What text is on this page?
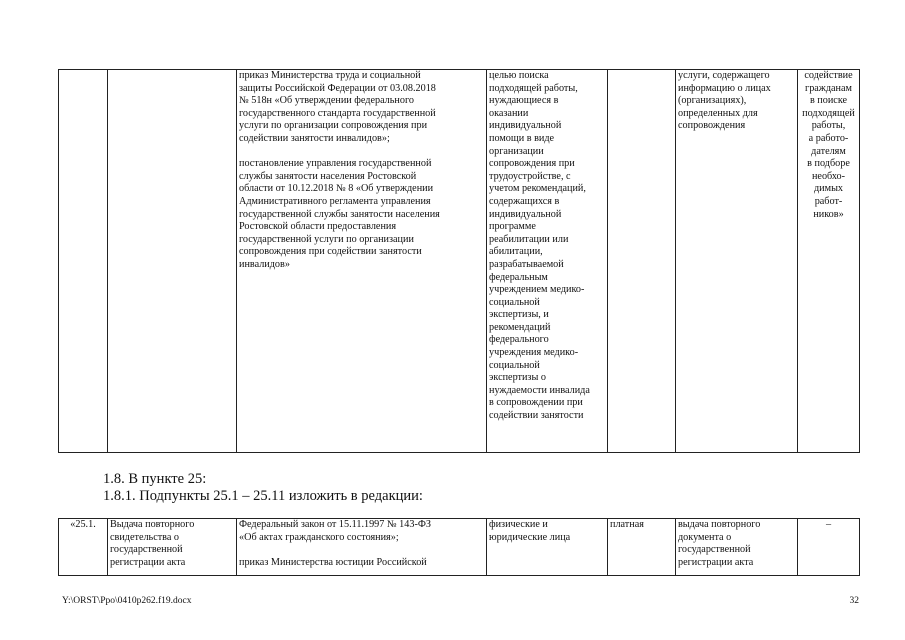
		приказ Министерства труда и социальной
защиты Российской Федерации от 03.08.2018
№ 518н «Об утверждении федерального
государственного стандарта государственной
услуги по организации сопровождения при
содействии занятости инвалидов»;

постановление управления государственной
службы занятости населения Ростовской
области от 10.12.2018 № 8 «Об утверждении
Административного регламента управления
государственной службы занятости населения
Ростовской области предоставления
государственной услуги по организации
сопровождения при содействии занятости
инвалидов»	целью поиска
подходящей работы,
нуждающиеся в
оказании
индивидуальной
помощи в виде
организации
сопровождения при
трудоустройстве, с
учетом рекомендаций,
содержащихся в
индивидуальной
программе
реабилитации или
абилитации,
разрабатываемой
федеральным
учреждением медико-
социальной
экспертизы, и
рекомендаций
федерального
учреждения медико-
социальной
экспертизы о
нуждаемости инвалида
в сопровождении при
содействии занятости		услуги, содержащего
информацию о лицах
(организациях),
определенных для
сопровождения	содействие
гражданам
в поиске
подходящей
работы,
а работо-
дателям
в подборе
необхо-
димых
работ-
ников»
1.8. В пункте 25:
1.8.1. Подпункты 25.1 – 25.11 изложить в редакции:
«25.1.	Выдача повторного
свидетельства о
государственной
регистрации акта	Федеральный закон от 15.11.1997 № 143-ФЗ
«Об актах гражданского состояния»;

приказ Министерства юстиции Российской	физические и
юридические лица	платная	выдача повторного
документа о
государственной
регистрации акта	–
Y:\ORST\Ppo\0410p262.f19.docx	32
